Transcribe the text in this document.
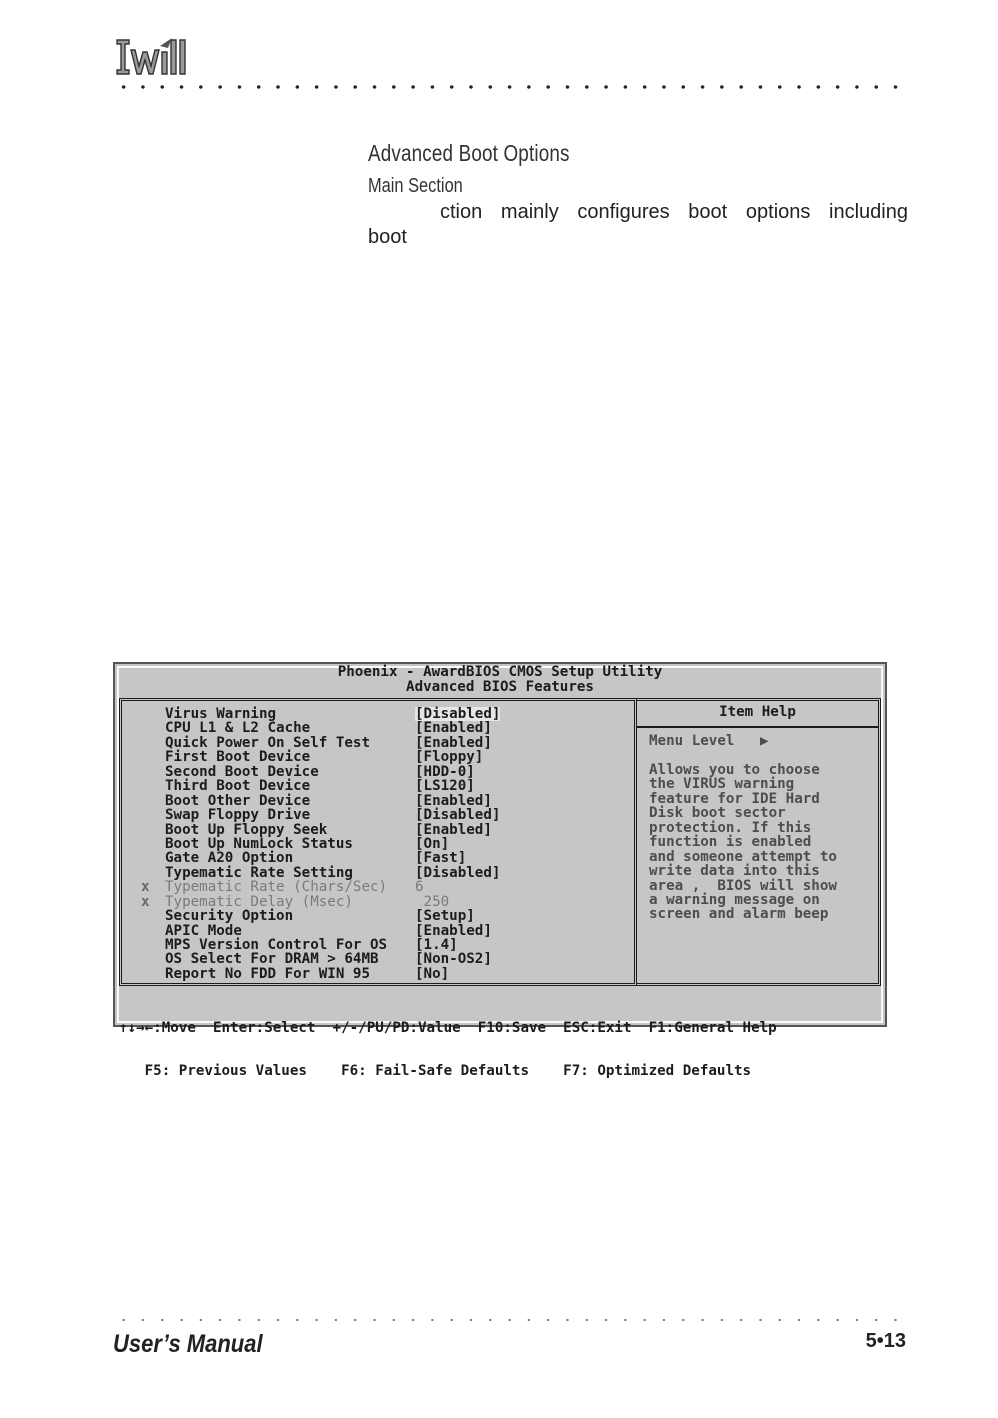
Advanced Boot Options
Main Section
ction mainly configures boot options including
boot
Phoenix - AwardBIOS CMOS Setup Utility
Advanced BIOS Features
Virus Warning	[Disabled]
CPU L1 & L2 Cache	[Enabled]
Quick Power On Self Test	[Enabled]
First Boot Device	[Floppy]
Second Boot Device	[HDD-0]
Third Boot Device	[LS120]
Boot Other Device	[Enabled]
Swap Floppy Drive	[Disabled]
Boot Up Floppy Seek	[Enabled]
Boot Up NumLock Status	[On]
Gate A20 Option	[Fast]
Typematic Rate Setting	[Disabled]
x Typematic Rate (Chars/Sec) 6
x Typematic Delay (Msec)	250
Security Option	[Setup]
APIC Mode	[Enabled]
MPS Version Control For OS [1.4]
OS Select For DRAM > 64MB	[Non-OS2]
Report No FDD For WIN 95	[No]
Item Help
Menu Level   ▶
Allows you to choose
the VIRUS warning
feature for IDE Hard
Disk boot sector
protection. If this
function is enabled
and someone attempt to
write data into this
area ,  BIOS will show
a warning message on
screen and alarm beep

↑↓→←:Move  Enter:Select  +/-/PU/PD:Value  F10:Save  ESC:Exit  F1:General Help

F5: Previous Values    F6: Fail-Safe Defaults    F7: Optimized Defaults

User’s Manual	5•13
